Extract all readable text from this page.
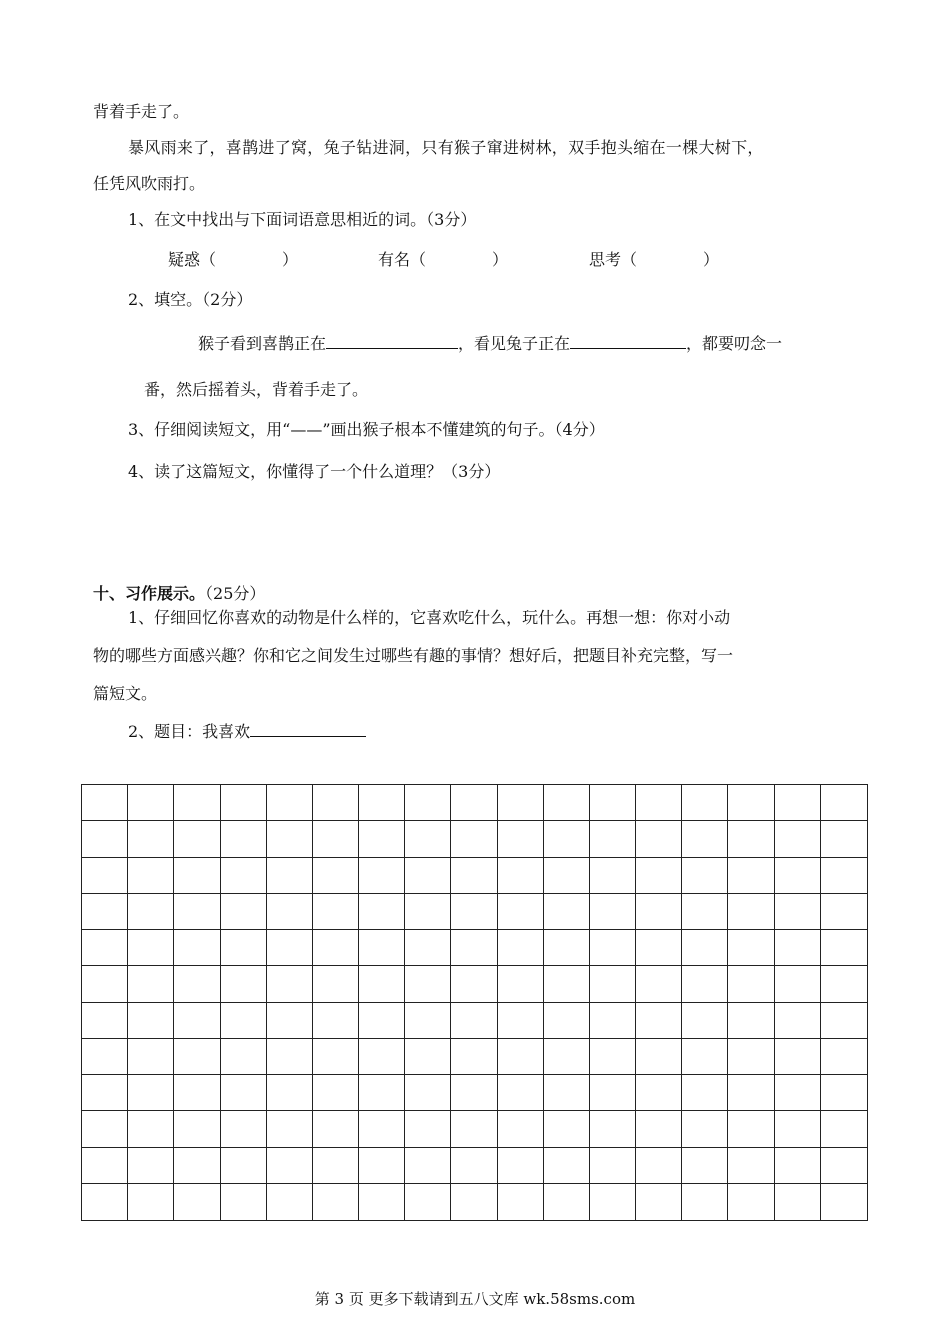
背着手走了。
暴风雨来了，喜鹊进了窝，兔子钻进洞，只有猴子窜进树林，双手抱头缩在一棵大树下，
任凭风吹雨打。
1、在文中找出与下面词语意思相近的词。（3分）
疑惑（	）	有名（	）	思考（	）
2、填空。（2分）
猴子看到喜鹊正在	，看见兔子正在	，都要叨念一
番，然后摇着头，背着手走了。
3、仔细阅读短文，用“——”画出猴子根本不懂建筑的句子。（4分）
4、读了这篇短文，你懂得了一个什么道理？（3分）
十、习作展示。（25分）
1、仔细回忆你喜欢的动物是什么样的，它喜欢吃什么，玩什么。再想一想：你对小动
物的哪些方面感兴趣？你和它之间发生过哪些有趣的事情？想好后，把题目补充完整，写一
篇短文。
2、题目：我喜欢
第 3 页 更多下载请到五八文库 wk.58sms.com
